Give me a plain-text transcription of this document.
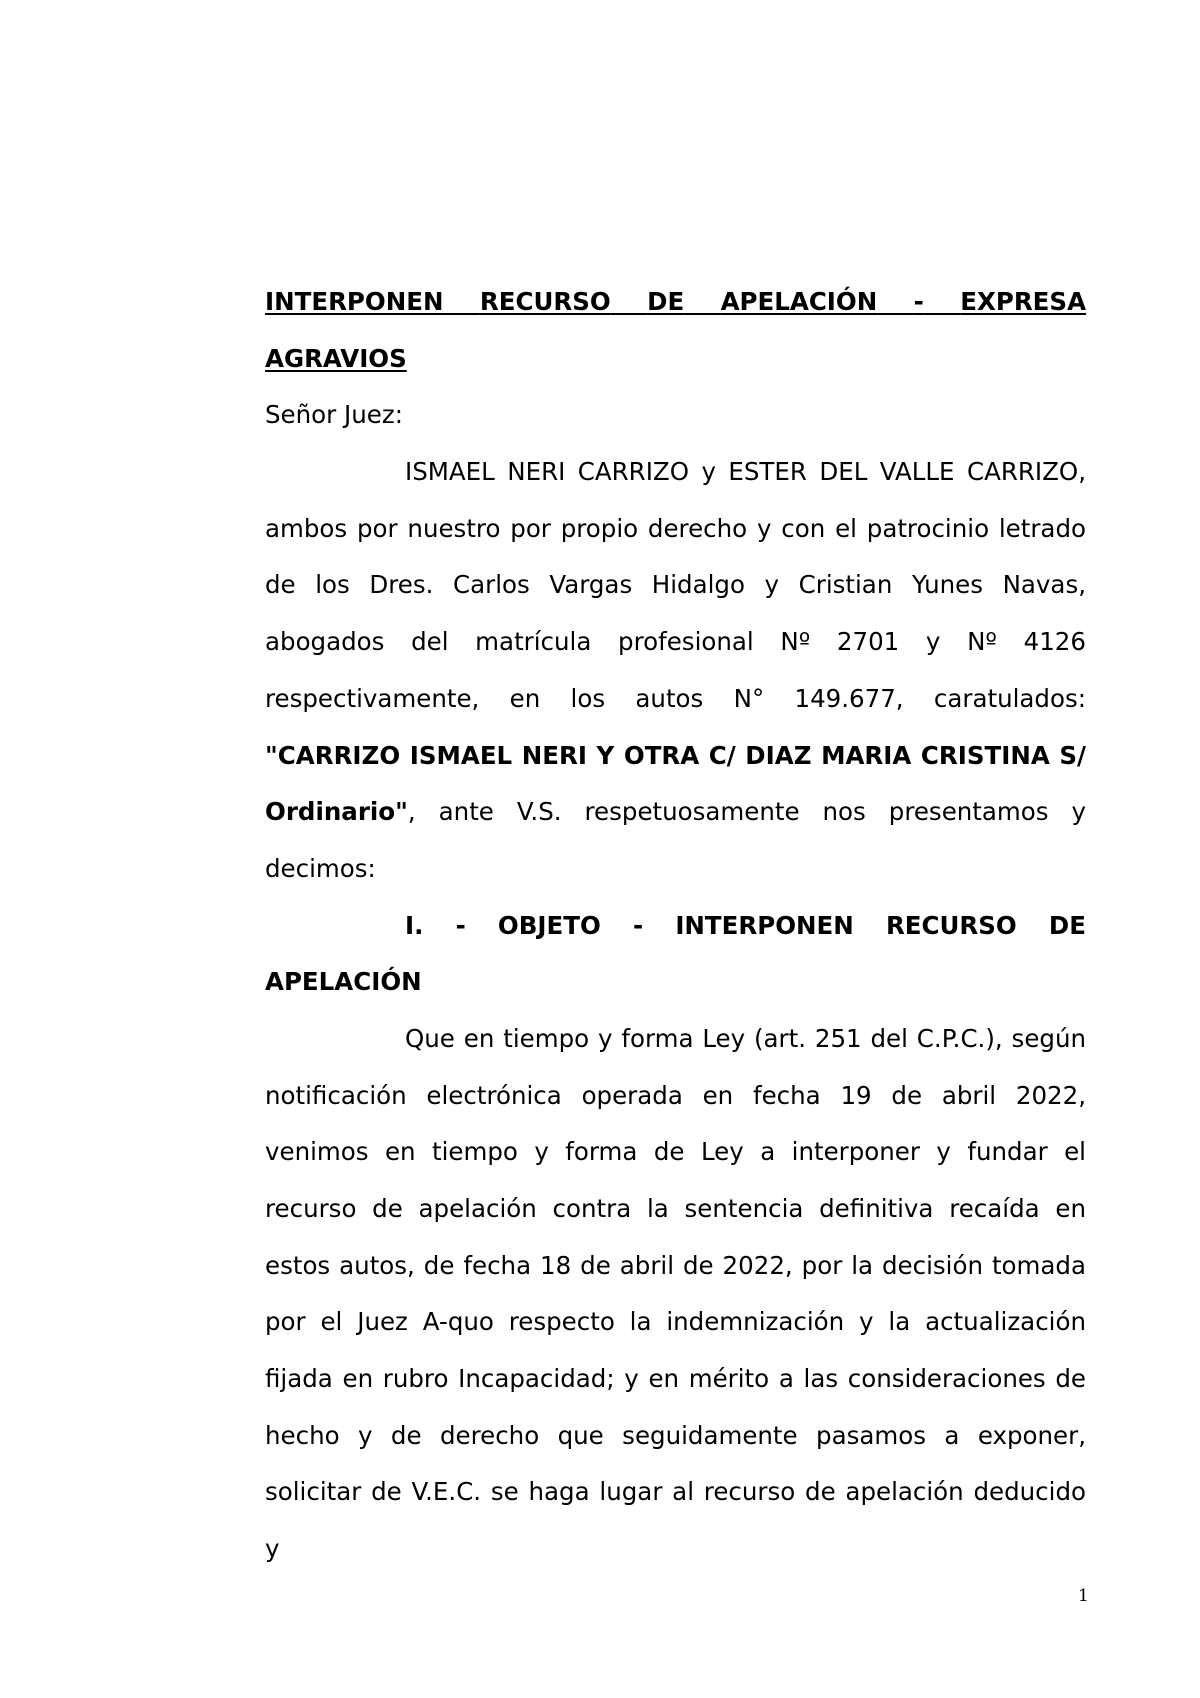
INTERPONEN RECURSO DE APELACIÓN - EXPRESA
AGRAVIOS
Señor Juez:
ISMAEL NERI CARRIZO y ESTER DEL VALLE CARRIZO,
ambos por nuestro por propio derecho y con el patrocinio letrado
de los Dres. Carlos Vargas Hidalgo y Cristian Yunes Navas,
abogados del matrícula profesional Nº 2701 y Nº 4126
respectivamente, en los autos N° 149.677, caratulados:
"CARRIZO ISMAEL NERI Y OTRA C/ DIAZ MARIA CRISTINA S/
Ordinario", ante V.S. respetuosamente nos presentamos y
decimos:
I. - OBJETO - INTERPONEN RECURSO DE
APELACIÓN
Que en tiempo y forma Ley (art. 251 del C.P.C.), según
notificación electrónica operada en fecha 19 de abril 2022,
venimos en tiempo y forma de Ley a interponer y fundar el
recurso de apelación contra la sentencia definitiva recaída en
estos autos, de fecha 18 de abril de 2022, por la decisión tomada
por el Juez A-quo respecto la indemnización y la actualización
fijada en rubro Incapacidad; y en mérito a las consideraciones de
hecho y de derecho que seguidamente pasamos a exponer,
solicitar de V.E.C. se haga lugar al recurso de apelación deducido y
1
